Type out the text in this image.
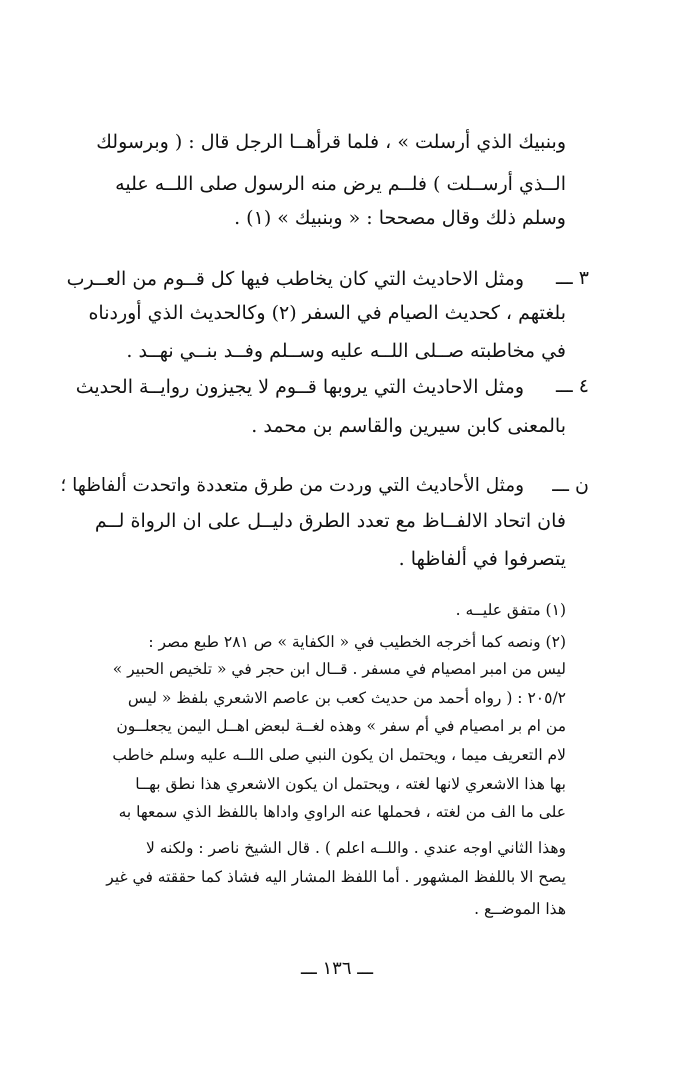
وبنبيك الذي أرسلت » ، فلما قرأهــا الرجل قال : ( وبرسولك
الــذي أرســلت ) فلــم يرض منه الرسول صلى اللــه عليه
وسلم ذلك وقال مصححا : « وبنبيك » (١) .
٣ ـــ
ومثل الاحاديث التي كان يخاطب فيها كل قــوم من العــرب
بلغتهم ، كحديث الصيام في السفر (٢) وكالحديث الذي أوردناه
في مخاطبته صــلى اللــه عليه وســلم وفــد بنــي نهــد .
٤ ـــ
ومثل الاحاديث التي يروبها قــوم لا يجيزون روايــة الحديث
بالمعنى كابن سيرين والقاسم بن محمد .
ن ـــ
ومثل الأحاديث التي وردت من طرق متعددة واتحدت ألفاظها ؛
فان اتحاد الالفــاظ مع تعدد الطرق دليــل على ان الرواة لــم
يتصرفوا في ألفاظها .
(١) متفق عليــه .
(٢) ونصه كما أخرجه الخطيب في « الكفاية » ص ٢٨١ طبع مصر :
ليس من امبر امصيام في مسفر . قــال ابن حجر في « تلخيص الحبير »
٢٠٥/٢ : ( رواه أحمد من حديث كعب بن عاصم الاشعري بلفظ « ليس
من ام بر امصيام في أم سفر » وهذه لغــة لبعض اهــل اليمن يجعلــون
لام التعريف ميما ، ويحتمل ان يكون النبي صلى اللــه عليه وسلم خاطب
بها هذا الاشعري لانها لغته ، ويحتمل ان يكون الاشعري هذا نطق بهــا
على ما الف من لغته ، فحملها عنه الراوي واداها باللفظ الذي سمعها به
وهذا الثاني اوجه عندي . واللــه اعلم ) . قال الشيخ ناصر : ولكنه لا
يصح الا باللفظ المشهور . أما اللفظ المشار اليه فشاذ كما حققته في غير
هذا الموضــع .
ـــ ١٣٦ ـــ
